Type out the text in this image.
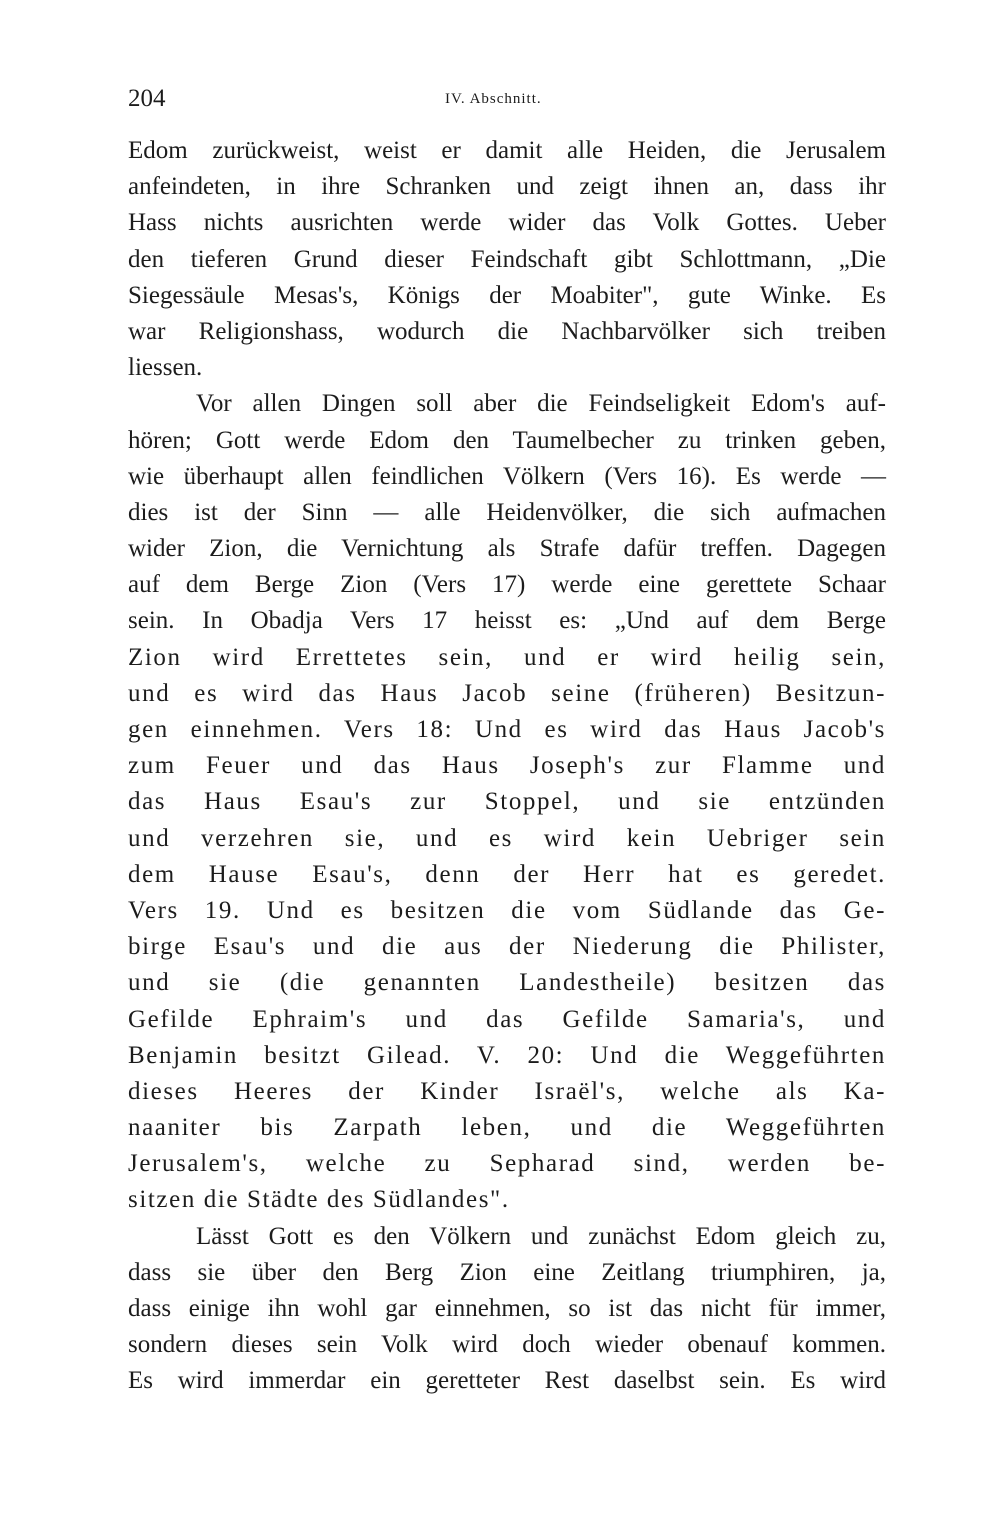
204	IV. Abschnitt.

Edom zurückweist, weist er damit alle Heiden, die Jerusalem
anfeindeten, in ihre Schranken und zeigt ihnen an, dass ihr
Hass nichts ausrichten werde wider das Volk Gottes. Ueber
den tieferen Grund dieser Feindschaft gibt Schlottmann, „Die
Siegessäule Mesas's, Königs der Moabiter", gute Winke. Es
war Religionshass, wodurch die Nachbarvölker sich treiben
liessen.

Vor allen Dingen soll aber die Feindseligkeit Edom's auf-
hören; Gott werde Edom den Taumelbecher zu trinken geben,
wie überhaupt allen feindlichen Völkern (Vers 16). Es werde —
dies ist der Sinn — alle Heidenvölker, die sich aufmachen
wider Zion, die Vernichtung als Strafe dafür treffen. Dagegen
auf dem Berge Zion (Vers 17) werde eine gerettete Schaar
sein. In Obadja Vers 17 heisst es: „Und auf dem Berge
Zion wird Errettetes sein, und er wird heilig sein,
und es wird das Haus Jacob seine (früheren) Besitzun-
gen einnehmen. Vers 18: Und es wird das Haus Jacob's
zum Feuer und das Haus Joseph's zur Flamme und
das Haus Esau's zur Stoppel, und sie entzünden
und verzehren sie, und es wird kein Uebriger sein
dem Hause Esau's, denn der Herr hat es geredet.
Vers 19. Und es besitzen die vom Südlande das Ge-
birge Esau's und die aus der Niederung die Philister,
und sie (die genannten Landestheile) besitzen das
Gefilde Ephraim's und das Gefilde Samaria's, und
Benjamin besitzt Gilead. V. 20: Und die Weggeführten
dieses Heeres der Kinder Israël's, welche als Ka-
naaniter bis Zarpath leben, und die Weggeführten
Jerusalem's, welche zu Sepharad sind, werden be-
sitzen die Städte des Südlandes".

Lässt Gott es den Völkern und zunächst Edom gleich zu,
dass sie über den Berg Zion eine Zeitlang triumphiren, ja,
dass einige ihn wohl gar einnehmen, so ist das nicht für immer,
sondern dieses sein Volk wird doch wieder obenauf kommen.
Es wird immerdar ein geretteter Rest daselbst sein. Es wird
